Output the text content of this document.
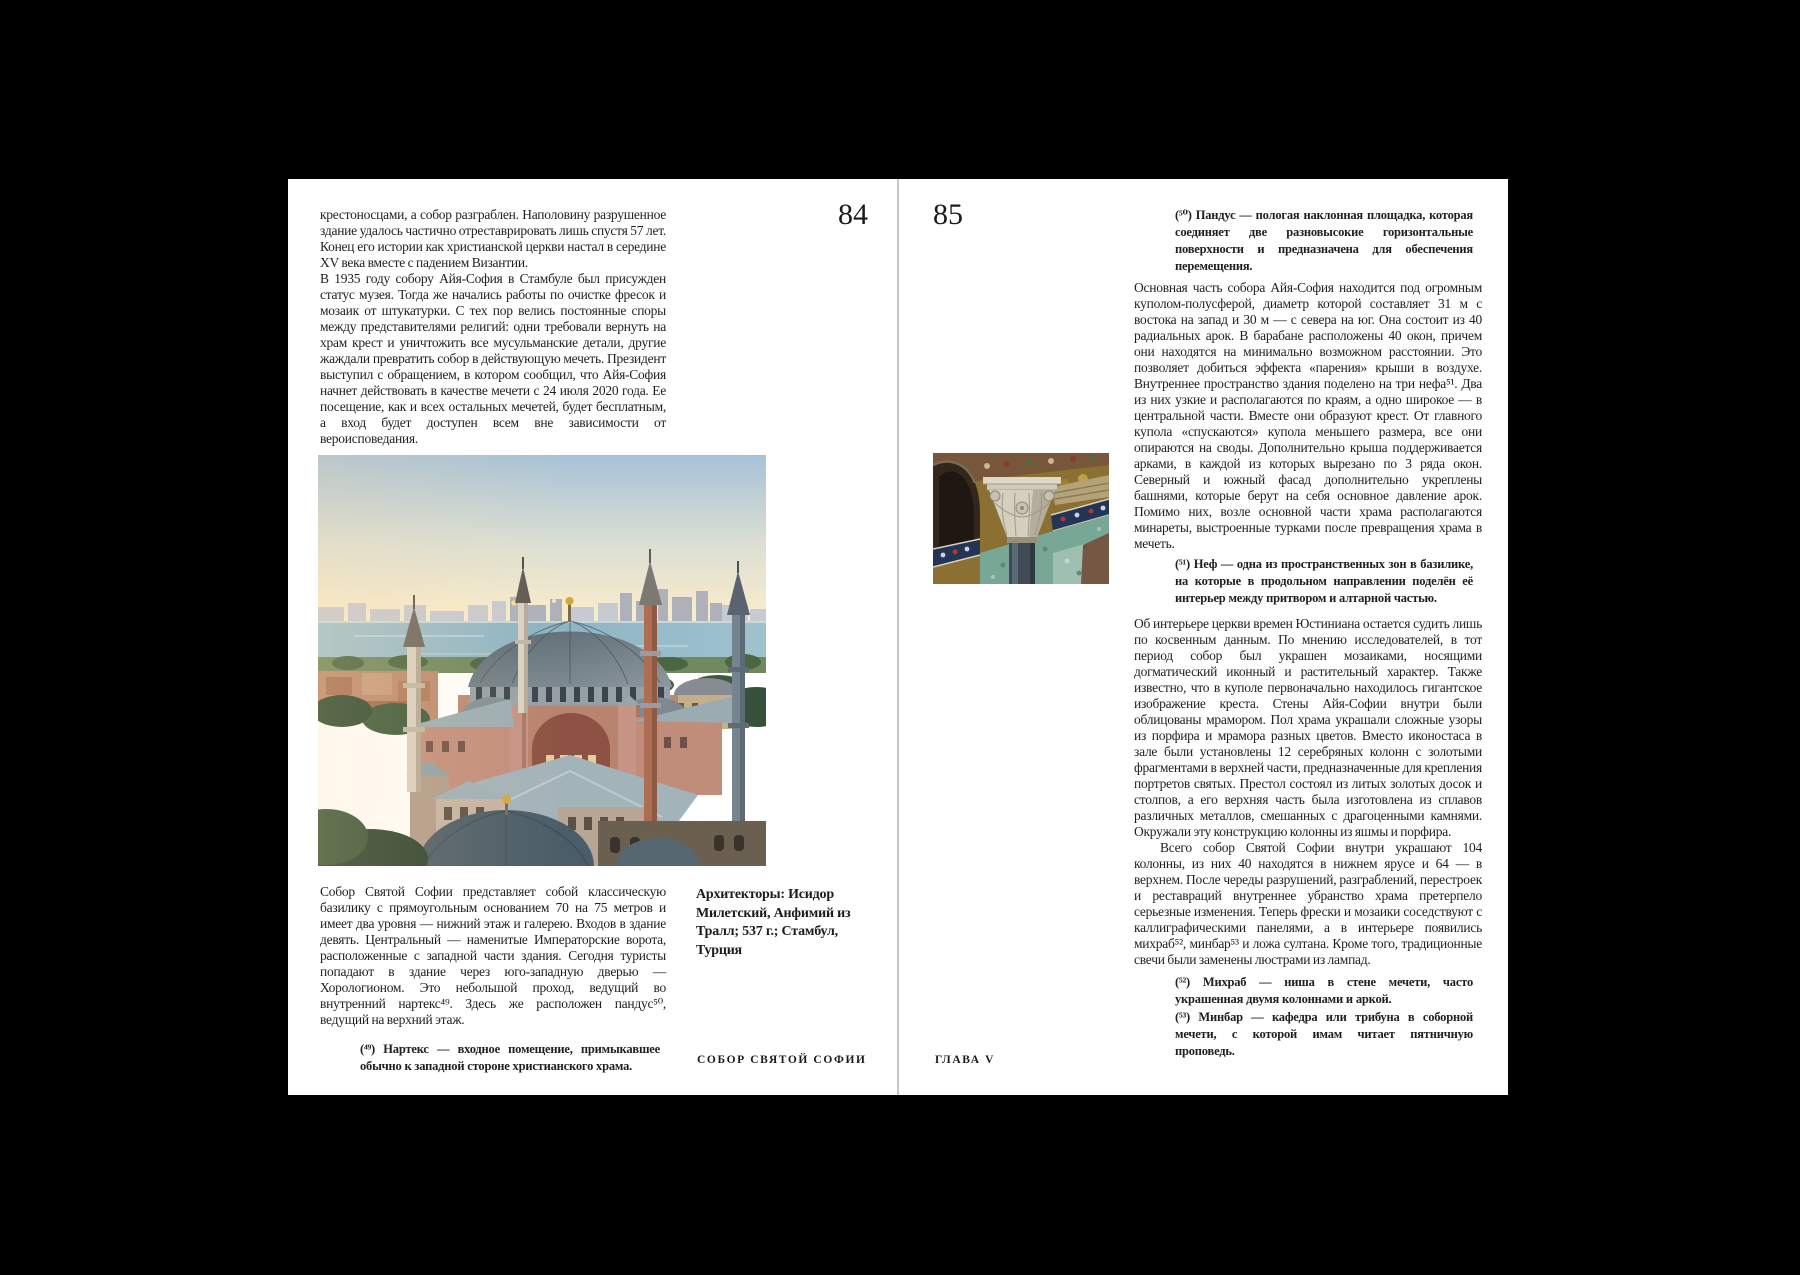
84

крестоносцами, а собор разграблен. Наполовину разрушенное здание удалось частично отреставрировать лишь спустя 57 лет. Конец его истории как христианской церкви настал в середине XV века вместе с падением Византии.

В 1935 году собору Айя-София в Стамбуле был присужден статус музея. Тогда же начались работы по очистке фресок и мозаик от штукатурки. С тех пор велись постоянные споры между представителями религий: одни требовали вернуть на храм крест и уничтожить все мусульманские детали, другие жаждали превратить собор в действующую мечеть. Президент выступил с обращением, в котором сообщил, что Айя-София начнет действовать в качестве мечети с 24 июля 2020 года. Ее посещение, как и всех остальных мечетей, будет бесплатным, а вход будет доступен всем вне зависимости от вероисповедания.

Собор Святой Софии представляет собой классическую базилику с прямоугольным основанием 70 на 75 метров и имеет два уровня — нижний этаж и галерею. Входов в здание девять. Центральный — наменитые Императорские ворота, расположенные с западной части здания. Сегодня туристы попадают в здание через юго-западную дверью — Хорологионом. Это небольшой проход, ведущий во внутренний нартекс⁴⁹. Здесь же расположен пандус⁵⁰, ведущий на верхний этаж.

Архитекторы: Исидор Милетский, Анфимий из Тралл; 537 г.; Стамбул, Турция
(⁴⁹) Нартекс — входное помещение, примыкавшее обычно к западной стороне христианского храма.	СОБОР СВЯТОЙ СОФИИ
85	(⁵⁰) Пандус — пологая наклонная площадка, которая соединяет две разновысокие горизонтальные поверхности и предназначена для обеспечения перемещения.

Основная часть собора Айя-София находится под огромным куполом-полусферой, диаметр которой составляет 31 м с востока на запад и 30 м — с севера на юг. Она состоит из 40 радиальных арок. В барабане расположены 40 окон, причем они находятся на минимально возможном расстоянии. Это позволяет добиться эффекта «парения» крыши в воздухе. Внутреннее пространство здания поделено на три нефа⁵¹. Два из них узкие и располагаются по краям, а одно широкое — в центральной части. Вместе они образуют крест. От главного купола «спускаются» купола меньшего размера, все они опираются на своды. Дополнительно крыша поддерживается арками, в каждой из которых вырезано по 3 ряда окон. Северный и южный фасад дополнительно укреплены башнями, которые берут на себя основное давление арок. Помимо них, возле основной части храма располагаются минареты, выстроенные турками после превращения храма в мечеть.

(⁵¹) Неф — одна из пространственных зон в базилике, на которые в продольном направлении поделён её интерьер между притвором и алтарной частью.

Об интерьере церкви времен Юстиниана остается судить лишь по косвенным данным. По мнению исследователей, в тот период собор был украшен мозаиками, носящими догматический иконный и растительный характер. Также известно, что в куполе первоначально находилось гигантское изображение креста. Стены Айя-Софии внутри были облицованы мрамором. Пол храма украшали сложные узоры из порфира и мрамора разных цветов. Вместо иконостаса в зале были установлены 12 серебряных колонн с золотыми фрагментами в верхней части, предназначенные для крепления портретов святых. Престол состоял из литых золотых досок и столпов, а его верхняя часть была изготовлена из сплавов различных металлов, смешанных с драгоценными камнями. Окружали эту конструкцию колонны из яшмы и порфира.

Всего собор Святой Софии внутри украшают 104 колонны, из них 40 находятся в нижнем ярусе и 64 — в верхнем. После череды разрушений, разграблений, перестроек и реставраций внутреннее убранство храма претерпело серьезные изменения. Теперь фрески и мозаики соседствуют с каллиграфическими панелями, а в интерьере появились михраб⁵², минбар⁵³ и ложа султана. Кроме того, традиционные свечи были заменены люстрами из лампад.

(⁵²) Михраб — ниша в стене мечети, часто украшенная двумя колоннами и аркой.
(⁵³) Минбар — кафедра или трибуна в соборной мечети, с которой имам читает пятничную проповедь.
ГЛАВА V
